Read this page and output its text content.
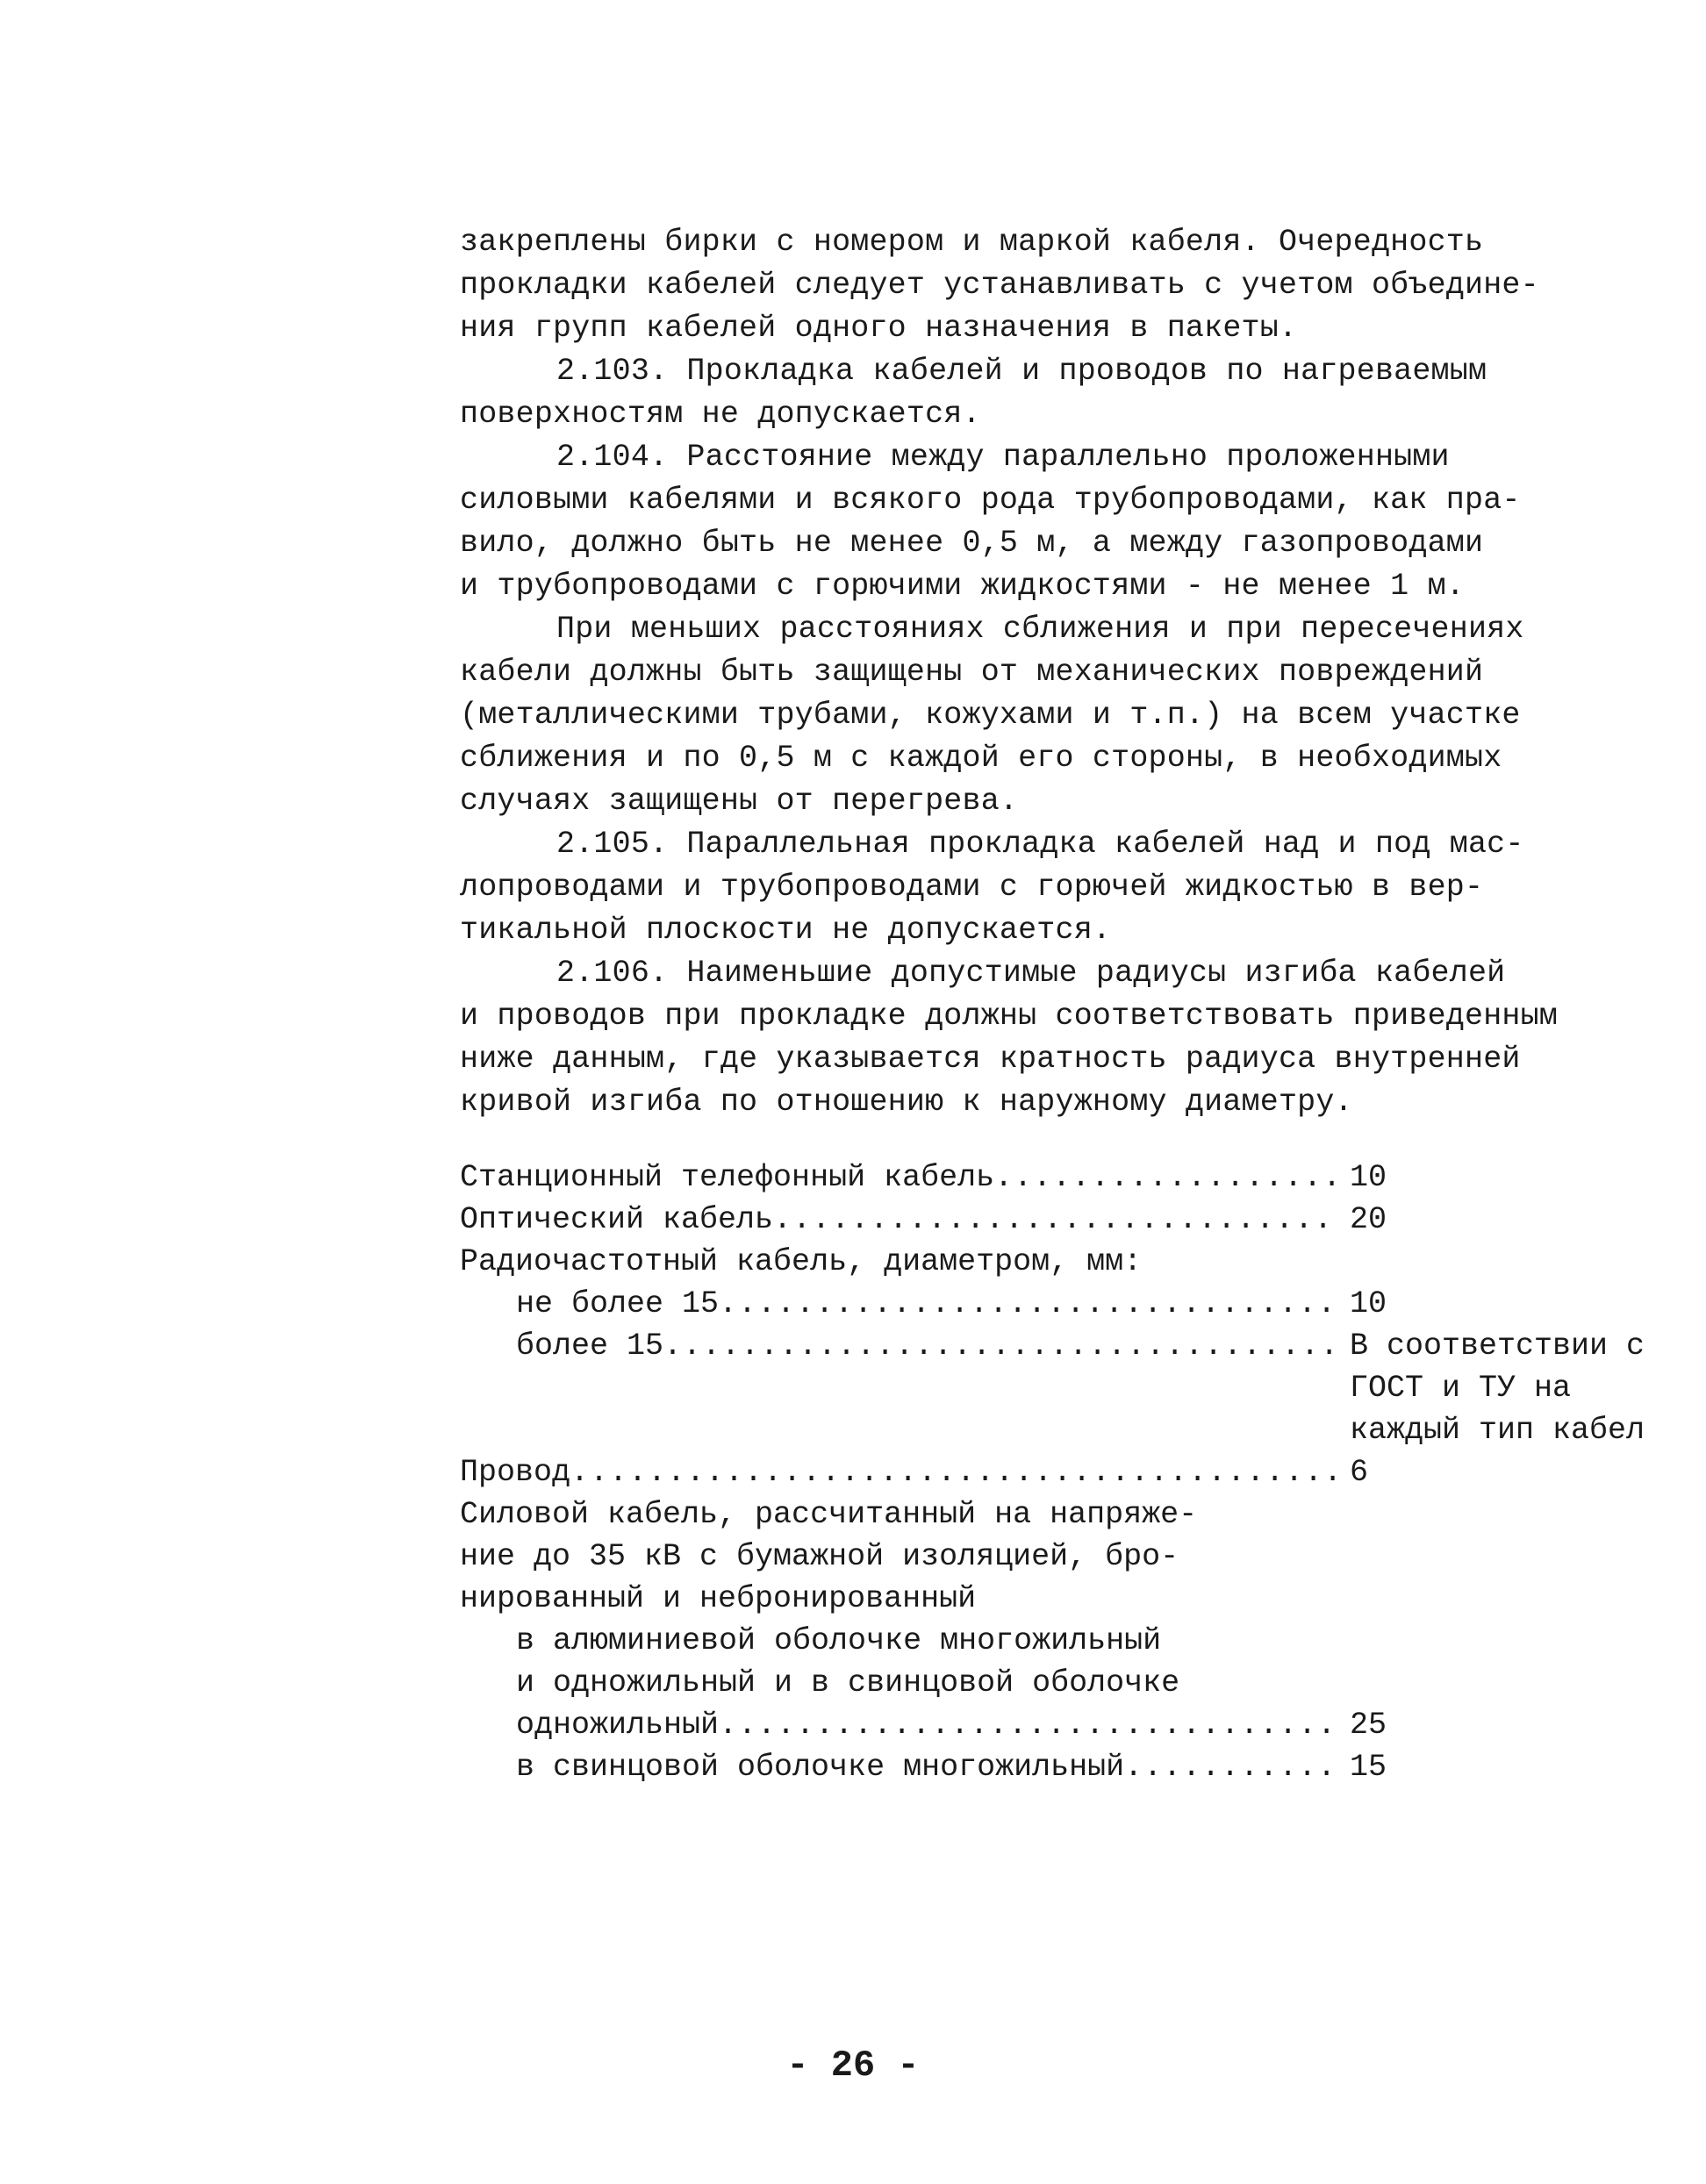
закреплены бирки с номером и маркой кабеля. Очередность
прокладки кабелей следует устанавливать с учетом объедине-
ния групп кабелей одного назначения в пакеты.

2.103. Прокладка кабелей и проводов по нагреваемым
поверхностям не допускается.

2.104. Расстояние между параллельно проложенными
силовыми кабелями и всякого рода трубопроводами, как пра-
вило, должно быть не менее 0,5 м, а между газопроводами
и трубопроводами с горючими жидкостями - не менее 1 м.

При меньших расстояниях сближения и при пересечениях
кабели должны быть защищены от механических повреждений
(металлическими трубами, кожухами и т.п.) на всем участке
сближения и по 0,5 м с каждой его стороны, в необходимых
случаях защищены от перегрева.

2.105. Параллельная прокладка кабелей над и под мас-
лопроводами и трубопроводами с горючей жидкостью в вер-
тикальной плоскости не допускается.

2.106. Наименьшие допустимые радиусы изгиба кабелей
и проводов при прокладке должны соответствовать приведенным
ниже данным, где указывается кратность радиуса внутренней
кривой изгиба по отношению к наружному диаметру.

Станционный телефонный кабель .....	10
Оптический кабель .....	20
Радиочастотный кабель, диаметром, мм:
не более 15 .....	10
более 15 .....	В соответствии с ГОСТ и ТУ на каждый тип кабел
Провод .....	6
Силовой кабель, рассчитанный на напряже-
ние до 35 кВ с бумажной изоляцией, бро-
нированный и небронированный
в алюминиевой оболочке многожильный
и одножильный и в свинцовой оболочке
одножильный .....	25
в свинцовой оболочке многожильный .....	15
- 26 -
